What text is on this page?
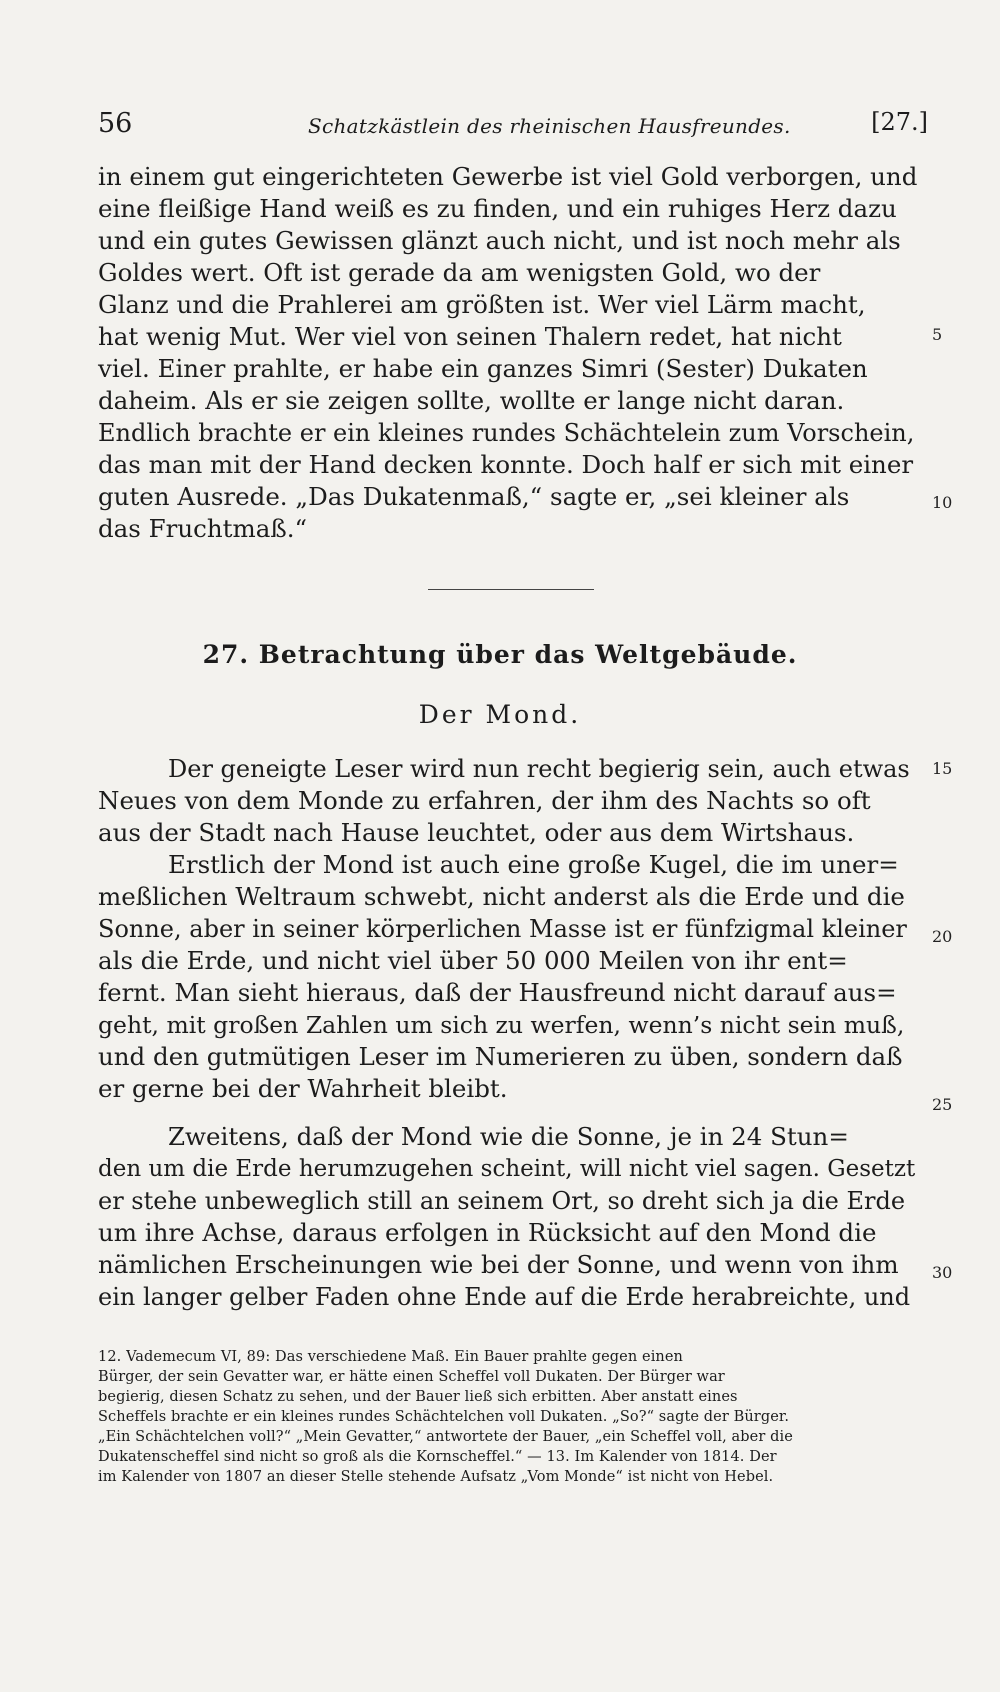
56	Schatzkästlein des rheinischen Hausfreundes.	[27.]
in einem gut eingerichteten Gewerbe ist viel Gold verborgen, und
eine fleißige Hand weiß es zu finden, und ein ruhiges Herz dazu
und ein gutes Gewissen glänzt auch nicht, und ist noch mehr als
Goldes wert. Oft ist gerade da am wenigsten Gold, wo der
Glanz und die Prahlerei am größten ist. Wer viel Lärm macht,
hat wenig Mut. Wer viel von seinen Thalern redet, hat nicht
viel. Einer prahlte, er habe ein ganzes Simri (Sester) Dukaten
daheim. Als er sie zeigen sollte, wollte er lange nicht daran.
Endlich brachte er ein kleines rundes Schächtelein zum Vorschein,
das man mit der Hand decken konnte. Doch half er sich mit einer
guten Ausrede. „Das Dukatenmaß,“ sagte er, „sei kleiner als
das Fruchtmaß.“
27. Betrachtung über das Weltgebäude.
Der Mond.
Der geneigte Leser wird nun recht begierig sein, auch etwas
Neues von dem Monde zu erfahren, der ihm des Nachts so oft
aus der Stadt nach Hause leuchtet, oder aus dem Wirtshaus.
Erstlich der Mond ist auch eine große Kugel, die im uner=
meßlichen Weltraum schwebt, nicht anderst als die Erde und die
Sonne, aber in seiner körperlichen Masse ist er fünfzigmal kleiner
als die Erde, und nicht viel über 50 000 Meilen von ihr ent=
fernt. Man sieht hieraus, daß der Hausfreund nicht darauf aus=
geht, mit großen Zahlen um sich zu werfen, wenn’s nicht sein muß,
und den gutmütigen Leser im Numerieren zu üben, sondern daß
er gerne bei der Wahrheit bleibt.
Zweitens, daß der Mond wie die Sonne, je in 24 Stun=
den um die Erde herumzugehen scheint, will nicht viel sagen. Gesetzt
er stehe unbeweglich still an seinem Ort, so dreht sich ja die Erde
um ihre Achse, daraus erfolgen in Rücksicht auf den Mond die
nämlichen Erscheinungen wie bei der Sonne, und wenn von ihm
ein langer gelber Faden ohne Ende auf die Erde herabreichte, und
5
10
15
20
25
30
12. Vademecum VI, 89: Das verschiedene Maß. Ein Bauer prahlte gegen einen
Bürger, der sein Gevatter war, er hätte einen Scheffel voll Dukaten. Der Bürger war
begierig, diesen Schatz zu sehen, und der Bauer ließ sich erbitten. Aber anstatt eines
Scheffels brachte er ein kleines rundes Schächtelchen voll Dukaten. „So?“ sagte der Bürger.
„Ein Schächtelchen voll?“ „Mein Gevatter,“ antwortete der Bauer, „ein Scheffel voll, aber die
Dukatenscheffel sind nicht so groß als die Kornscheffel.“ — 13. Im Kalender von 1814. Der
im Kalender von 1807 an dieser Stelle stehende Aufsatz „Vom Monde“ ist nicht von Hebel.
